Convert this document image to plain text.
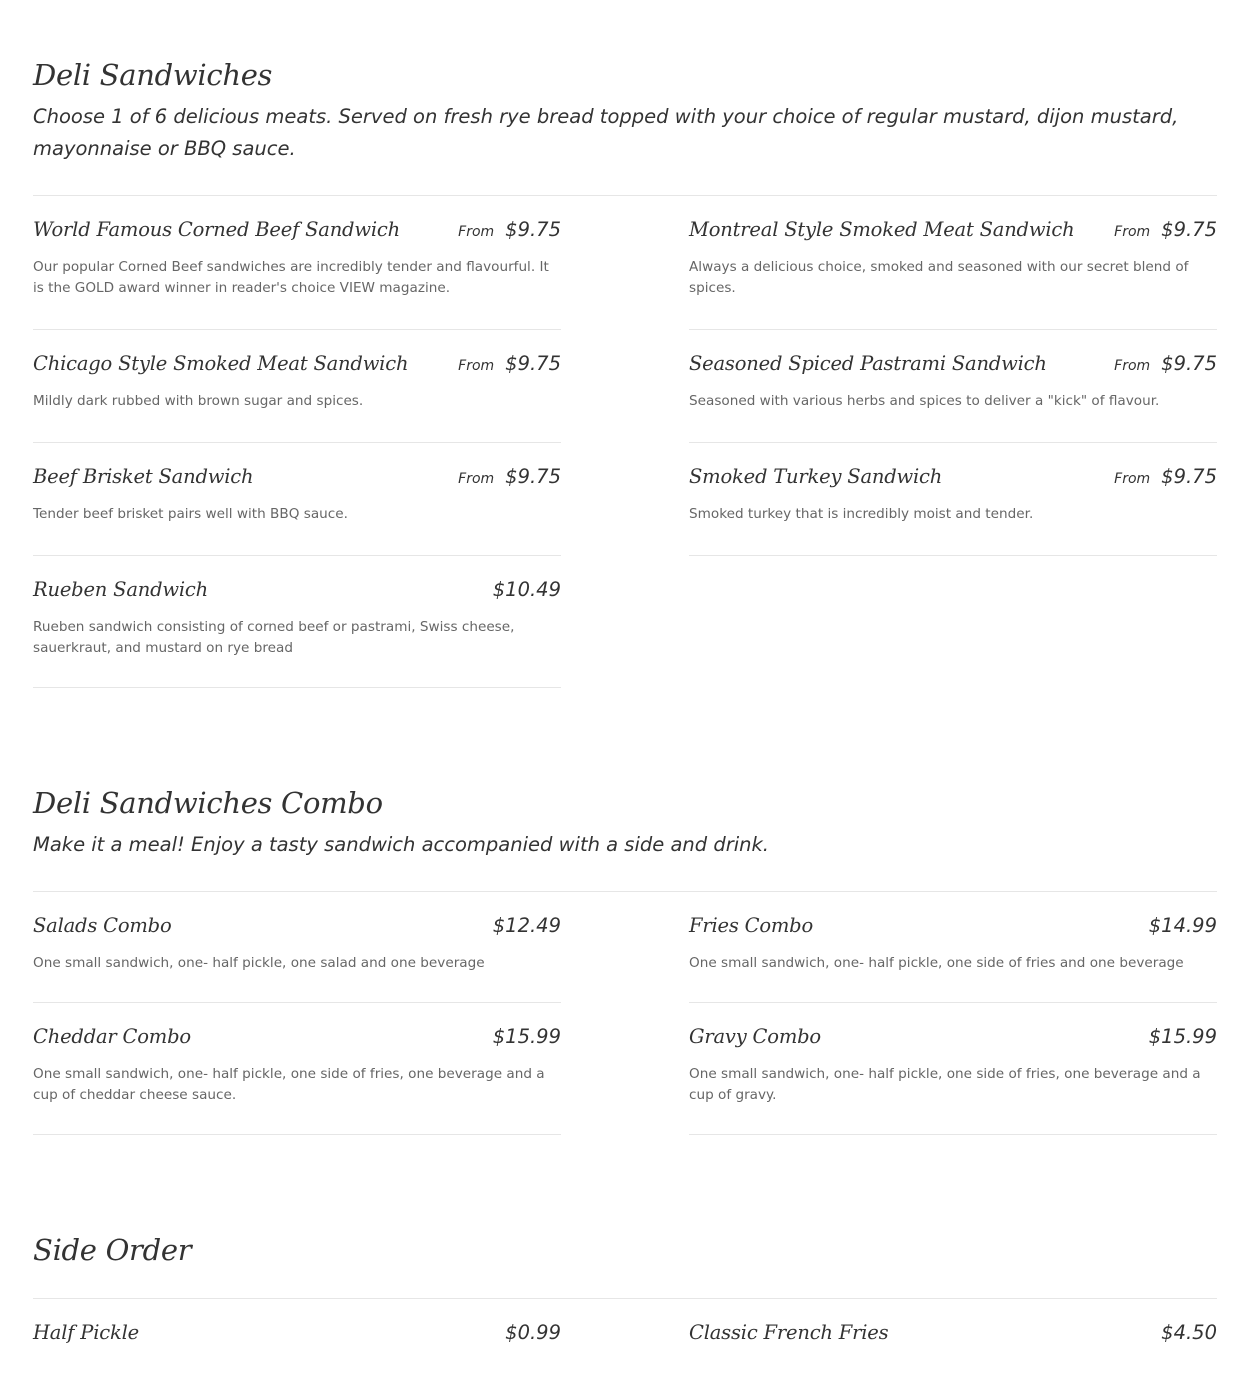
Deli Sandwiches

Choose 1 of 6 delicious meats. Served on fresh rye bread topped with your choice of regular mustard, dijon mustard, mayonnaise or BBQ sauce.

World Famous Corned Beef Sandwich	From $9.75
Our popular Corned Beef sandwiches are incredibly tender and flavourful. It is the GOLD award winner in reader's choice VIEW magazine.
Chicago Style Smoked Meat Sandwich	From $9.75
Mildly dark rubbed with brown sugar and spices.
Beef Brisket Sandwich	From $9.75
Tender beef brisket pairs well with BBQ sauce.
Rueben Sandwich	$10.49
Rueben sandwich consisting of corned beef or pastrami, Swiss cheese, sauerkraut, and mustard on rye bread
Montreal Style Smoked Meat Sandwich	From $9.75
Always a delicious choice, smoked and seasoned with our secret blend of spices.
Seasoned Spiced Pastrami Sandwich	From $9.75
Seasoned with various herbs and spices to deliver a "kick" of flavour.
Smoked Turkey Sandwich	From $9.75
Smoked turkey that is incredibly moist and tender.
Deli Sandwiches Combo

Make it a meal! Enjoy a tasty sandwich accompanied with a side and drink.

Salads Combo	$12.49
One small sandwich, one- half pickle, one salad and one beverage
Cheddar Combo	$15.99
One small sandwich, one- half pickle, one side of fries, one beverage and a cup of cheddar cheese sauce.
Fries Combo	$14.99
One small sandwich, one- half pickle, one side of fries and one beverage
Gravy Combo	$15.99
One small sandwich, one- half pickle, one side of fries, one beverage and a cup of gravy.
Side Order
Half Pickle	$0.99	Classic French Fries	$4.50
